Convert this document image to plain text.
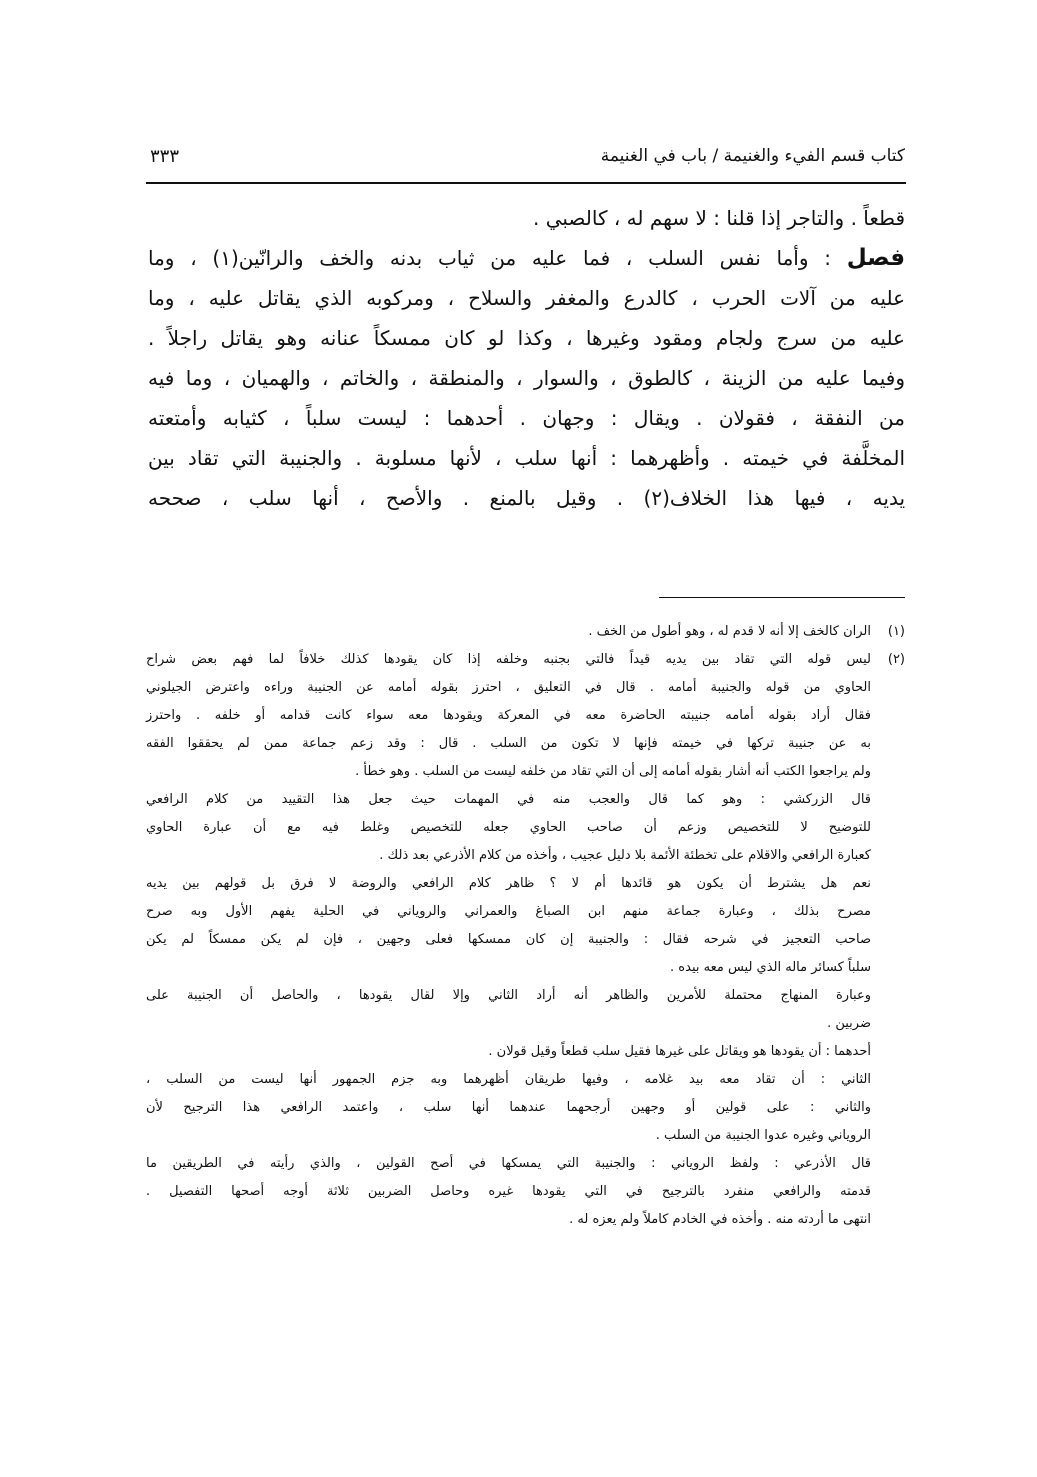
كتاب قسم الفيء والغنيمة / باب في الغنيمة
٣٣٣
قطعاً . والتاجر إذا قلنا : لا سهم له ، كالصبي .
فصل : وأما نفس السلب ، فما عليه من ثياب بدنه والخف والرانّين(١) ، وما
عليه من آلات الحرب ، كالدرع والمغفر والسلاح ، ومركوبه الذي يقاتل عليه ، وما
عليه من سرج ولجام ومقود وغيرها ، وكذا لو كان ممسكاً عنانه وهو يقاتل راجلاً .
وفيما عليه من الزينة ، كالطوق ، والسوار ، والمنطقة ، والخاتم ، والهميان ، وما فيه
من النفقة ، فقولان . ويقال : وجهان . أحدهما : ليست سلباً ، كثيابه وأمتعته
المخلَّفة في خيمته . وأظهرهما : أنها سلب ، لأنها مسلوبة . والجنيبة التي تقاد بين
يديه ، فيها هذا الخلاف(٢) . وقيل بالمنع . والأصح ، أنها سلب ، صححه
(١)
الران كالخف إلا أنه لا قدم له ، وهو أطول من الخف .
(٢)
ليس قوله التي تقاد بين يديه قيداً فالتي بجنبه وخلفه إذا كان يقودها كذلك خلافاً لما فهم بعض شراح
الحاوي من قوله والجنيبة أمامه . قال في التعليق ، احترز بقوله أمامه عن الجنيبة وراءه واعترض الجيلوني
فقال أراد بقوله أمامه جنيبته الحاضرة معه في المعركة ويقودها معه سواء كانت قدامه أو خلفه . واحترز
به عن جنيبة تركها في خيمته فإنها لا تكون من السلب . قال : وقد زعم جماعة ممن لم يحققوا الفقه
ولم يراجعوا الكتب أنه أشار بقوله أمامه إلى أن التي تقاد من خلفه ليست من السلب . وهو خطأ .
قال الزركشي : وهو كما قال والعجب منه في المهمات حيث جعل هذا التقييد من كلام الرافعي
للتوضيح لا للتخصيص وزعم أن صاحب الحاوي جعله للتخصيص وغلط فيه مع أن عبارة الحاوي
كعبارة الرافعي والاقلام على تخطئة الأئمة بلا دليل عجيب ، وأخذه من كلام الأذرعي بعد ذلك .
نعم هل يشترط أن يكون هو قائدها أم لا ؟ ظاهر كلام الرافعي والروضة لا فرق بل قولهم بين يديه
مصرح بذلك ، وعبارة جماعة منهم ابن الصباغ والعمراني والروياني في الحلية يفهم الأول وبه صرح
صاحب التعجيز في شرحه فقال : والجنيبة إن كان ممسكها فعلى وجهين ، فإن لم يكن ممسكاً لم يكن
سلباً كسائر ماله الذي ليس معه بيده .
وعبارة المنهاج محتملة للأمرين والظاهر أنه أراد الثاني وإلا لقال يقودها ، والحاصل أن الجنيبة على
ضربين .
أحدهما : أن يقودها هو ويقاتل على غيرها فقيل سلب قطعاً وقيل قولان .
الثاني : أن تقاد معه بيد غلامه ، وفيها طريقان أظهرهما وبه جزم الجمهور أنها ليست من السلب ،
والثاني : على قولين أو وجهين أرجحهما عندهما أنها سلب ، واعتمد الرافعي هذا الترجيح لأن
الروياني وغيره عدوا الجنيبة من السلب .
قال الأذرعي : ولفظ الروياني : والجنيبة التي يمسكها في أصح القولين ، والذي رأيته في الطريقين ما
قدمته والرافعي منفرد بالترجيح في التي يقودها غيره وحاصل الضربين ثلاثة أوجه أصحها التفصيل .
انتهى ما أردته منه . وأخذه في الخادم كاملاً ولم يعزه له .
